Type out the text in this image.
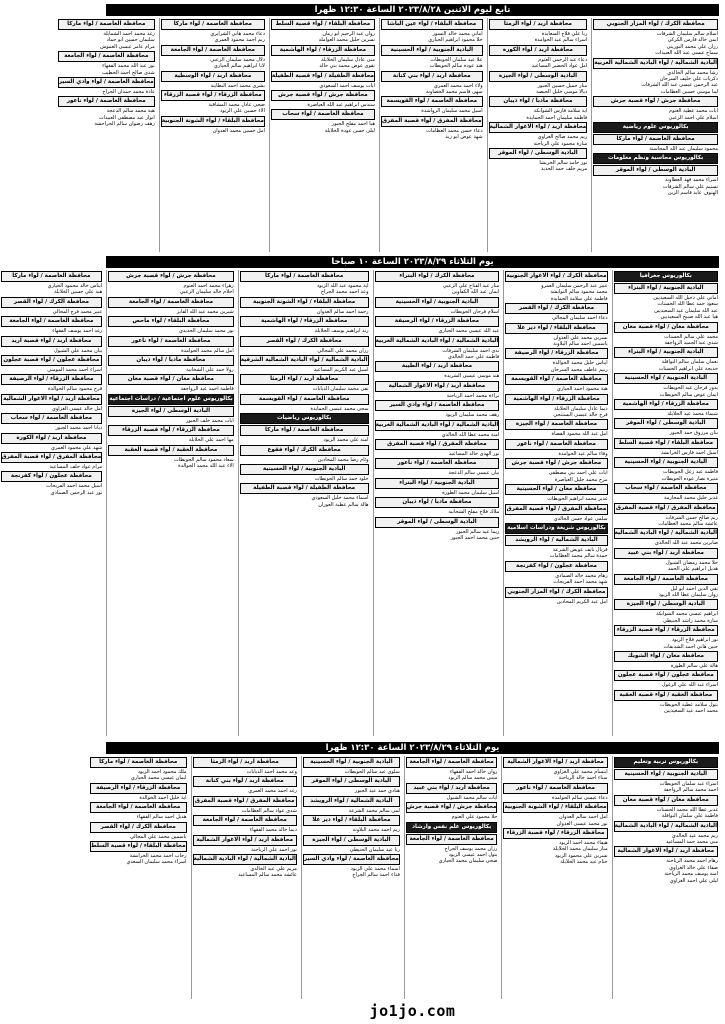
تابع ليوم الاثنين ٢٠٢٣/٨/٢٨ الساعة ١٢:٣٠ ظهرا
محافظة الكرك / لواء المزار الجنوبي
اسلام سالم سليمان الشرفات
ايمن خالد فارس الكركي
رزان علي محمد البوريني
سماح عيسى عبد الله العبيدات
البادية الشمالية / لواء البادية الشمالية الغربية
رشا محمد سالم الخالدي
ذكريات علي خليف السرحان
عبد الرحمن عيسى عبد الله الشرفات
لينا موسى حسين العظامات
محافظة جرش / لواء قصبة جرش
ايات محمد عطية العتوم
اسلام علي احمد الزعبي
بكالوريوس علوم رياضية
محافظة العاصمة / لواء ماركا
محمود سليمان عبد الله المحاسنة
بكالوريوس محاسبة ونظم معلومات
البادية الوسطى / لواء الموقر
اسراء محمد فهد العطاونة
تسنيم علي سالم الشرفات
الهنوف عايد قاسم الزبن
محافظة اربد / لواء الرمثا
رنا علي فلاح السعايدة
اسراء سالم عيد الحوامدة
محافظة اربد / لواء الكورة
دعاء عبد الرحمن العتوم
امل عواد الخضير المساعيد
البادية الوسطى / لواء الجيزة
منار جميل حسين الجبور
ديالا موسى خليل الحيصة
محافظة مادبا / لواء ذيبان
اية سلامة فارس الشوابكة
فاطمة سليمان احمد الحمايدة
محافظة اربد / لواء الاغوار الشمالية
ريم محمد صالح الغزاوي
سارة محمود علي الرياحنة
البادية الوسطى / لواء الموقر
نور حامد سالم الخريشا
مريم خلف حمد الحديد
محافظة البلقاء / لواء عين الباشا
اماني محمد خالد النسور
حلا محمود ابراهيم الحياري
البادية الجنوبية / لواء الحسينية
علا عيد سلمان الحويطات
هند عودة سالم الحويطات
محافظة اربد / لواء بني كنانة
ولاء احمد محمد العمري
سهى قاسم محمد الخصاونة
محافظة العاصمة / لواء القويسمة
اسيل محمد سليمان الرواشدة
محافظة المفرق / لواء قصبة المفرق
دعاء حسن محمد العظامات
شهد عوض ابو زيد
محافظة البلقاء / لواء قصبة السلط
روان عبد الرحيم ابو رمان
نسرين خليل محمد العواملة
محافظة الزرقاء / لواء الهاشمية
منى عادل سليمان الخلايلة
تقوى عوض محمد بني خالد
محافظة الطفيلة / لواء قصبة الطفيلة
ايات يوسف احمد السعودي
محافظة جرش / لواء قصبة جرش
سندس ابراهيم عبد الله العياصرة
محافظة العاصمة / لواء سحاب
هيا احمد مفلح الجبور
ليلى حسن عودة الخلايلة
محافظة العاصمة / لواء ماركا
دعاء محمد هاني الشرايري
ريم احمد محمود العمري
محافظة العاصمة / لواء الجامعة
دلال محمد سليمان الزعبي
لانا ابراهيم سالم الحياري
محافظة اربد / لواء الوسطية
بشرى محمد احمد البطاينة
محافظة الزرقاء / لواء قصبة الزرقاء
ضحى عادل محمد المشاقبة
الاء حسين علي الزيود
محافظة البلقاء / لواء الشونة الجنوبية
امل حسين محمد العدوان
محافظة العاصمة / لواء ماركا
رغد محمد احمد الشمايلة
سليمان حسين ابو حماد
مرام عامر عيسى العموش
محافظة العاصمة / لواء الجامعة
نور عبد الله محمد الفقهاء
شذى صالح احمد الخطيب
محافظة العاصمة / لواء وادي السير
غادة محمد حمدان الجراح
محافظة العاصمة / لواء ناعور
هبة محمد سالم الدعجة
انوار عيد مصطفى العبيدات
رهف رضوان سالم الحراحشة
يوم الثلاثاء ٢٠٢٣/٨/٢٩ الساعة ١٠ صباحا
بكالوريوس جغرافيا
البادية الجنوبية / لواء البتراء
اماني علي دخيل الله السعيديين
سعود حمد عطا الله الحسنات
عبد الله سليمان عيد السعيديين
هيا عيد الله صبيح السعيديين
محافظة معان / لواء قصبة معان
محمد علي سالم الحسنات
شذى عبد الحميد الرواجفة
البادية الجنوبية / لواء البتراء
نعمان سلمان سالم النوافلة
خديجة علي ابراهيم الحسنات
البادية الجنوبية / لواء الحسينية
بدور فرحان عيد الحويطات
ايمان عوض سالم الحويطات
محافظة الزرقاء / لواء الهاشمية
شيماء محمد عيد الخلايلة
البادية الوسطى / لواء الموقر
بنان مرزوق حمد الجبور
محافظة البلقاء / لواء قصبة السلط
اسيل احمد فارس الخرابشة
البادية الجنوبية / لواء الحسينية
فاطمة عيد زعل الحويطات
منيرة نصار عوده الحويطات
محافظة العاصمة / لواء سحاب
غدير خليل محمد المحارمة
محافظة المفرق / لواء قصبة المفرق
ريم صالح حسن الشرفات
عائشة سالم محمد العظامات
البادية الشمالية / لواء البادية الشمالية
صابرين محمد عبد الله الخالدي
محافظة اربد / لواء بني عبيد
حلا محمد رمضان الشبول
هديل ابراهيم علي الحمد
محافظة العاصمة / لواء الجامعة
تقى الدين احمد ابو ليل
روان سليمان عطا الله الزيود
البادية الوسطى / لواء الجيزة
ابراهيم عيسى محمد الشوابكة
سارة محمد راشد الحنيطي
محافظة الزرقاء / لواء قصبة الزرقاء
نور ابراهيم فلاح الزيود
حنين هاني احمد الشديفات
محافظة معان / لواء الشوبك
هالة علي سالم الطورة
محافظة عجلون / لواء قصبة عجلون
اسراء عبد الله علي الزغول
محافظة العقبة / لواء قصبة العقبة
بتول سلامة عطية الحويطات
محمد احمد عيد السعيديين
محافظة الكرك / لواء الاغوار الجنوبية
عبير عبد الرحمن سليمان العمرو
محمد محمود سالم النوايشة
فاطمة علي سلامة الحمايدة
محافظة الكرك / لواء القصر
دعاء احمد سليمان المجالي
محافظة البلقاء / لواء دير علا
نسرين محمد علي العدوان
ياسمين احمد سالم البلاونة
محافظة الزرقاء / لواء الرصيفة
ايناس خليل محمد الخوالدة
رنيم عاطف محمد السرحان
محافظة العاصمة / لواء القويسمة
هبة محمود احمد الحياري
محافظة الزرقاء / لواء الهاشمية
ديما عادل سليمان الخلايلة
فرح خالد عيسى البستنجي
محافظة العاصمة / لواء الجيزة
امل عبد الله محمود القضاة
محافظة العاصمة / لواء ناعور
وفاء سالم عيد الحوامدة
محافظة جرش / لواء قصبة جرش
ايات علي احمد بني مصطفى
مرح محمد خليل العياصرة
محافظة معان / لواء الحسينية
غدير محمد ابراهيم الحويطات
محافظة المفرق / لواء قصبة المفرق
سلمى عواد حسن الخالدي
بكالوريوس شريعة ودراسات اسلامية
البادية الشمالية / لواء الرويشد
فريال نايف عويض الشرعة
حمدة سالم محمد العظامات
محافظة عجلون / لواء كفرنجة
رهام محمد خالد الصمادي
شهد محمد احمد الفريحات
محافظة الكرك / لواء المزار الجنوبي
امل عبد الكريم المحادين
محافظة الكرك / لواء البتراء
منار عبد الفتاح علي الزعبي
ايمان عبد الله الكفاوين
البادية الجنوبية / لواء الحسينية
اسلام فرحان الحويطات
محافظة الزرقاء / لواء الرصيفة
عبد الله عيسى محمد الحياري
البادية الشمالية / لواء البادية الشمالية الغربية
ندى احمد سليمان الشرفات
فاطمة علي حمد الخالدي
محافظة اربد / لواء الطيبة
هند موسى عيسى الشريدة
محافظة اربد / لواء الاغوار الشمالية
براءة محمد احمد الرياحنة
محافظة العاصمة / لواء وادي السير
رهف محمد سليمان الزيود
البادية الشمالية / لواء البادية الشمالية الغربية
امنة محمد عطا الله الخالدي
محافظة المفرق / لواء قصبة المفرق
نور الهدى خالد المساعيد
محافظة العاصمة / لواء ناعور
بيان عيسى سالم الدعجة
البادية الجنوبية / لواء البتراء
اسيل سليمان محمد الطورة
محافظة مادبا / لواء ذيبان
ملاك فلاح مفلح الشخانبة
البادية الوسطى / لواء الموقر
ريما عيد سالم الجبور
حنين محمد احمد الجبور
محافظة العاصمة / لواء ماركا
اية محمود عبد الله الزيود
وعد احمد محمد الجراح
محافظة البلقاء / لواء الشونة الجنوبية
رحمة احمد سالم العدوان
محافظة الزرقاء / لواء الهاشمية
رند ابراهيم يوسف الخلايلة
محافظة الكرك / لواء القصر
رزان محمد علي المجالي
البادية الشمالية / لواء البادية الشمالية الشرقية
اسيل عبد الكريم المساعيد
محافظة اربد / لواء الرمثا
تقى محمد سليمان الذيابات
محافظة العاصمة / لواء القويسمة
سجى محمد عيسى الحمايدة
بكالوريوس رياضيات
محافظة العاصمة / لواء ماركا
امنة علي محمد الزيود
محافظة الكرك / لواء فقوع
وئام رضا محمد المحادين
البادية الجنوبية / لواء الحسينية
خلود حمد سالم الحويطات
محافظة الطفيلة / لواء قصبة الطفيلة
اسماء محمد خليل السعودي
هالة سالم عطية العوران
محافظة جرش / لواء قصبة جرش
زهراء محمد احمد العتوم
احلام خالد سليمان الزعبي
محافظة العاصمة / لواء الجامعة
شيرين محمد عبد الله الفايز
محافظة البلقاء / لواء ماحص
نور محمد سليمان الحديدي
محافظة العاصمة / لواء ناعور
امل سالم محمد الحوامدة
محافظة مادبا / لواء ذيبان
رولا حمد علي الشخانبة
محافظة معان / لواء قصبة معان
فاطمة احمد عيد الرواجفة
بكالوريوس علوم اجتماعية / دراسات اجتماعية
البادية الوسطى / لواء الجيزة
ايات محمد خلف الجبور
محافظة الزرقاء / لواء قصبة الزرقاء
مها احمد علي الخلايلة
محافظة العقبة / لواء قصبة العقبة
سعاد محمود سالم الحويطات
الاء عبد الله محمد الخوالدة
محافظة العاصمة / لواء ماركا
ايناس خالد محمود الحياري
هبة علي حسين الخلايلة
محافظة الكرك / لواء القصر
عبير محمد فرج المجالي
محافظة العاصمة / لواء الجامعة
رغد احمد يوسف الفقهاء
محافظة اربد / لواء قصبة اربد
بيان محمد علي الشبول
محافظة عجلون / لواء قصبة عجلون
اسراء احمد محمد المومني
محافظة الزرقاء / لواء الرصيفة
فرح محمود سالم الخوالدة
محافظة اربد / لواء الاغوار الشمالية
امل خالد عيسى الغزاوي
محافظة العاصمة / لواء سحاب
ديانا احمد محمد الجبور
محافظة اربد / لواء الكورة
شهد علي محمود العمري
محافظة المفرق / لواء قصبة المفرق
مرام عواد خلف المساعيد
محافظة عجلون / لواء كفرنجة
اسيل محمد احمد الفريحات
نور عبد الرحمن الصمادي
يوم الثلاثاء ٢٠٢٣/٨/٢٩ الساعة ١٢:٣٠ ظهرا
بكالوريوس تربية وتعليم
البادية الجنوبية / لواء الحسينية
اسراء عيد سلمان الحويطات
احمد محمد سالم الرواجفة
محافظة معان / لواء قصبة معان
غدير عطا الله محمد الحسنات
فاطمة علي سلمان النوافلة
البادية الشمالية / لواء البادية الشمالية
ريم محمد عيد الخالدي
منى محمد حمد المساعيد
محافظة اربد / لواء الاغوار الشمالية
رهام احمد محمد الرياحنة
صفاء علي خالد الغزاوي
امنة يوسف محمد الرياحنة
ليلى علي احمد الغزاوي
محافظة اربد / لواء الاغوار الشمالية
ابتسام محمد علي الغزاوي
سناء احمد خالد الرياحنة
محافظة العاصمة / لواء ناعور
دعاء عيسى سالم الحوامدة
محافظة البلقاء / لواء الشونة الجنوبية
امل احمد سالم العدوان
نور محمد عيسى العدوان
محافظة الزرقاء / لواء قصبة الزرقاء
هيفاء محمد احمد الزيود
منار سليمان محمد الخلايلة
نسرين علي محمود الزيود
ختام عيد محمد الخلايلة
محافظة العاصمة / لواء الجامعة
روان خالد احمد الفقهاء
ميس محمد سالم الزيود
محافظة اربد / لواء بني عبيد
ايات سالم محمد الشبول
محافظة جرش / لواء قصبة جرش
حلا محمود علي العتوم
بكالوريوس علم نفس وارشاد
محافظة العاصمة / لواء الجامعة
رزان محمد يوسف الجراح
بتول احمد عيسى الزيود
ضحى سليمان محمد الحياري
البادية الجنوبية / لواء الحسينية
سلوى عيد سالم الحويطات
البادية الوسطى / لواء الموقر
هنادي حمد عيد الجبور
البادية الشمالية / لواء الرويشد
لمى سالم محمد الشرعة
محافظة البلقاء / لواء دير علا
ريم احمد محمد البلاونة
البادية الوسطى / لواء الجيزة
رنا عيد سليمان الحنيطي
محافظة العاصمة / لواء وادي السير
اسماء محمد علي الزيود
فداء احمد سالم الجراح
محافظة اربد / لواء الرمثا
وعد محمد احمد الذيابات
محافظة اربد / لواء بني كنانة
رغد احمد محمد العمري
محافظة المفرق / لواء قصبة المفرق
شذى عواد سالم العظامات
محافظة العاصمة / لواء الجامعة
ديما خالد محمد الفقهاء
محافظة اربد / لواء الاغوار الشمالية
نور احمد علي الرياحنة
البادية الشمالية / لواء البادية الشمالية
مريم علي عيد الخالدي
عائشة محمد سالم المساعيد
محافظة العاصمة / لواء ماركا
ملك محمود احمد الزيود
ايمان عيسى محمد الحياري
محافظة الزرقاء / لواء الرصيفة
اية خليل احمد الخوالدة
محافظة العاصمة / لواء الجامعة
هديل احمد سالم الفقهاء
محافظة الكرك / لواء القصر
ياسمين محمد علي المجالي
محافظة البلقاء / لواء قصبة السلط
رحاب احمد محمد الخرابشة
اسراء محمد سليمان السعدي
jo1jo.com
